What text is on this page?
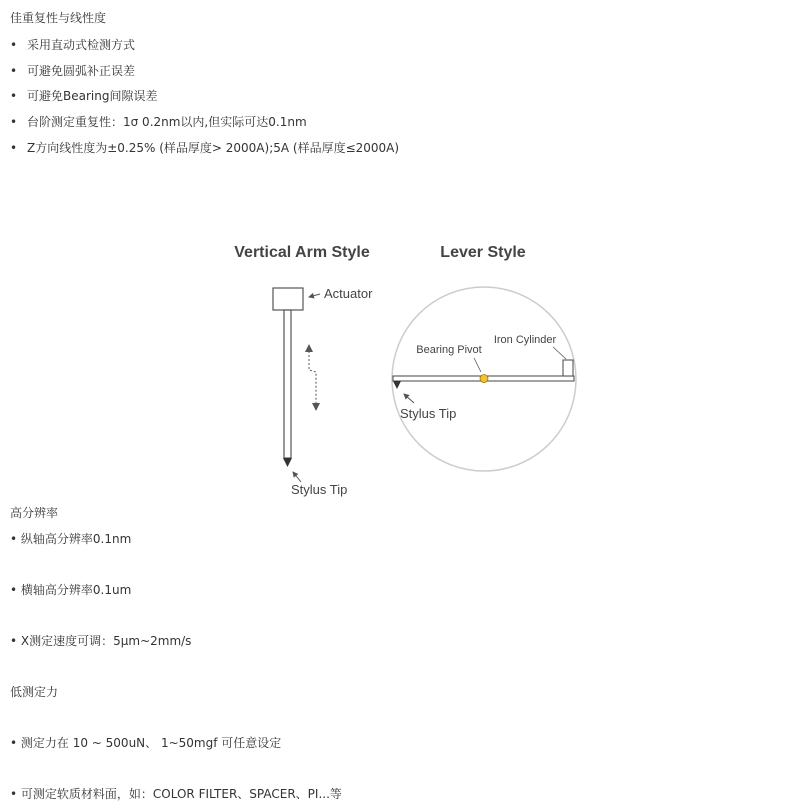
佳重复性与线性度
• 采用直动式检测方式
• 可避免圆弧补正误差
• 可避免Bearing间隙误差
• 台阶测定重复性：1σ 0.2nm以内,但实际可达0.1nm
• Z方向线性度为±0.25% (样品厚度> 2000A);5A (样品厚度≤2000A)
Vertical Arm Style	Lever Style
Actuator
Stylus Tip
Bearing Pivot
Iron Cylinder
Stylus Tip
高分辨率
• 纵轴高分辨率0.1nm
• 横轴高分辨率0.1um
• X测定速度可调：5μm~2mm/s
低测定力
• 测定力在 10 ~ 500uN、 1~50mgf 可任意设定
• 可测定软质材料面，如：COLOR FILTER、SPACER、PI...等
